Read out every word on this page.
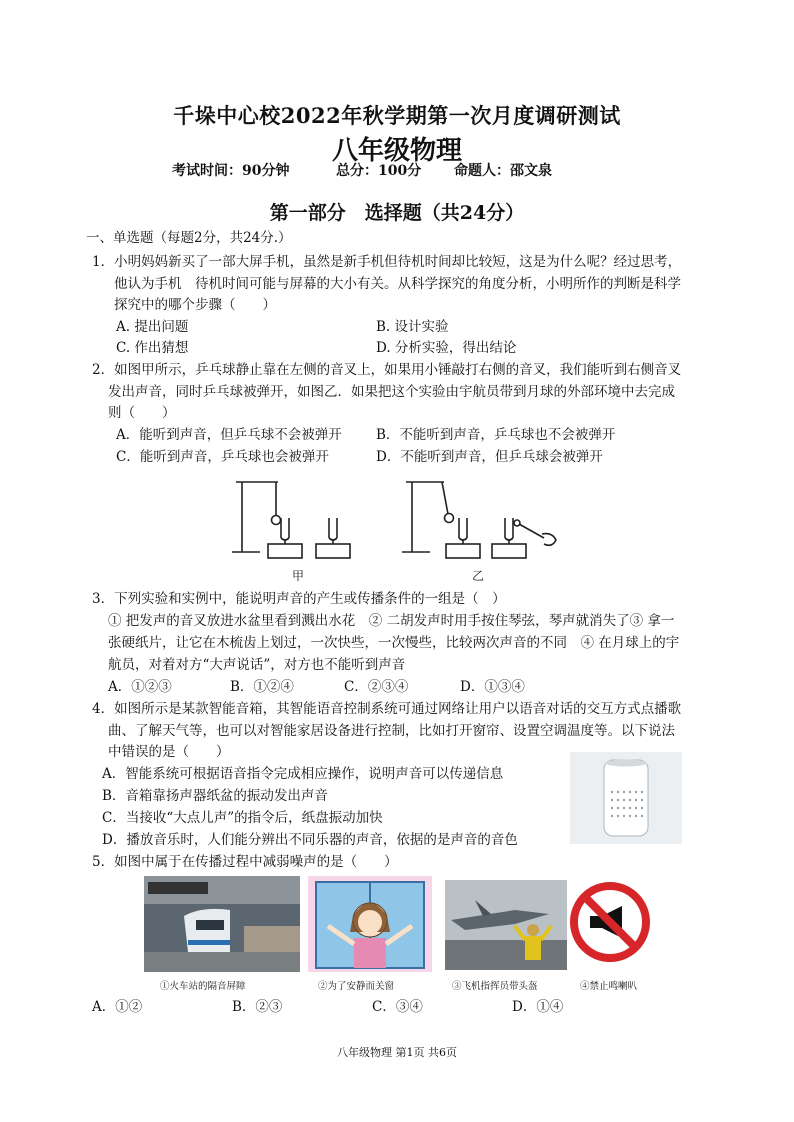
千垛中心校2022年秋学期第一次月度调研测试
八年级物理
考试时间：90分钟	总分：100分 命题人：邵文泉
第一部分　选择题（共24分）
一、单选题（每题2分，共24分.）
1．小明妈妈新买了一部大屏手机，虽然是新手机但待机时间却比较短，这是为什么呢？经过思考，
他认为手机　待机时间可能与屏幕的大小有关。从科学探究的角度分析，小明所作的判断是科学
探究中的哪个步骤（　　）
A. 提出问题	B. 设计实验
C. 作出猜想	D. 分析实验，得出结论
2．如图甲所示，乒乓球静止靠在左侧的音叉上，如果用小锤敲打右侧的音叉，我们能听到右侧音叉
发出声音，同时乒乓球被弹开，如图乙．如果把这个实验由宇航员带到月球的外部环境中去完成
则（　　）
A．能听到声音，但乒乓球不会被弹开	B．不能听到声音，乒乓球也不会被弹开
C．能听到声音，乒乓球也会被弹开	D．不能听到声音，但乒乓球会被弹开
甲	乙
3．下列实验和实例中，能说明声音的产生或传播条件的一组是（　）
① 把发声的音叉放进水盆里看到溅出水花　② 二胡发声时用手按住琴弦，琴声就消失了③ 拿一
张硬纸片，让它在木梳齿上划过，一次快些，一次慢些，比较两次声音的不同　④ 在月球上的宇
航员，对着对方“大声说话”，对方也不能听到声音
A．①②③	B．①②④	C．②③④	D．①③④
4．如图所示是某款智能音箱，其智能语音控制系统可通过网络让用户以语音对话的交互方式点播歌
曲、了解天气等，也可以对智能家居设备进行控制，比如打开窗帘、设置空调温度等。以下说法
中错误的是（　　）
A．智能系统可根据语音指令完成相应操作，说明声音可以传递信息
B．音箱靠扬声器纸盆的振动发出声音
C．当接收“大点儿声”的指令后，纸盘振动加快
D．播放音乐时，人们能分辨出不同乐器的声音，依据的是声音的音色
5．如图中属于在传播过程中减弱噪声的是（　　）
①火车站的隔音屏障	②为了安静而关窗	③飞机指挥员带头盔	④禁止鸣喇叭
A．①②	B．②③	C．③④	D．①④
八年级物理 第1页 共6页
